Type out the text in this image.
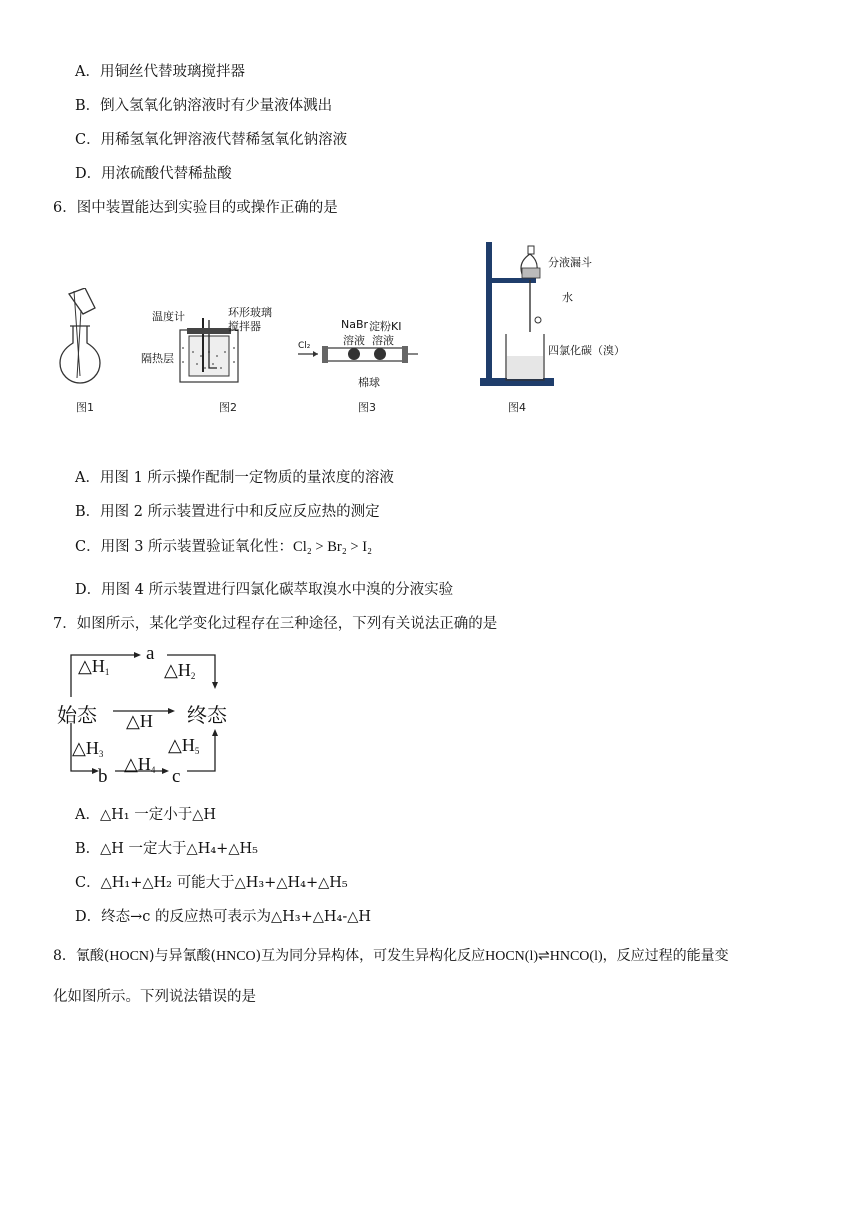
A．用铜丝代替玻璃搅拌器
B．倒入氢氧化钠溶液时有少量液体溅出
C．用稀氢氧化钾溶液代替稀氢氧化钠溶液
D．用浓硫酸代替稀盐酸
6．图中装置能达到实验目的或操作正确的是
图1
温度计	环形玻璃
搅拌器
隔热层
图2
Cl₂
NaBr
溶液
淀粉KI
溶液
棉球
图3
分液漏斗
水
四氯化碳（溴）
图4
A．用图 1 所示操作配制一定物质的量浓度的溶液
B．用图 2 所示装置进行中和反应反应热的测定
C．用图 3 所示装置验证氧化性：Cl₂ > Br₂ > I₂
D．用图 4 所示装置进行四氯化碳萃取溴水中溴的分液实验
7．如图所示，某化学变化过程存在三种途径，下列有关说法正确的是
a
$\triangle H_1$	$\triangle H_2$
始态 △H 终态
$\triangle H_3$	$\triangle H_5$
$\triangle H_4$
b	c
A．△H₁ 一定小于△H
B．△H 一定大于△H₄+△H₅
C．△H₁+△H₂ 可能大于△H₃+△H₄+△H₅
D．终态→c 的反应热可表示为△H₃+△H₄-△H
8．氰酸(HOCN)与异氰酸(HNCO)互为同分异构体，可发生异构化反应HOCN(l)⇌HNCO(l)，反应过程的能量变
化如图所示。下列说法错误的是
